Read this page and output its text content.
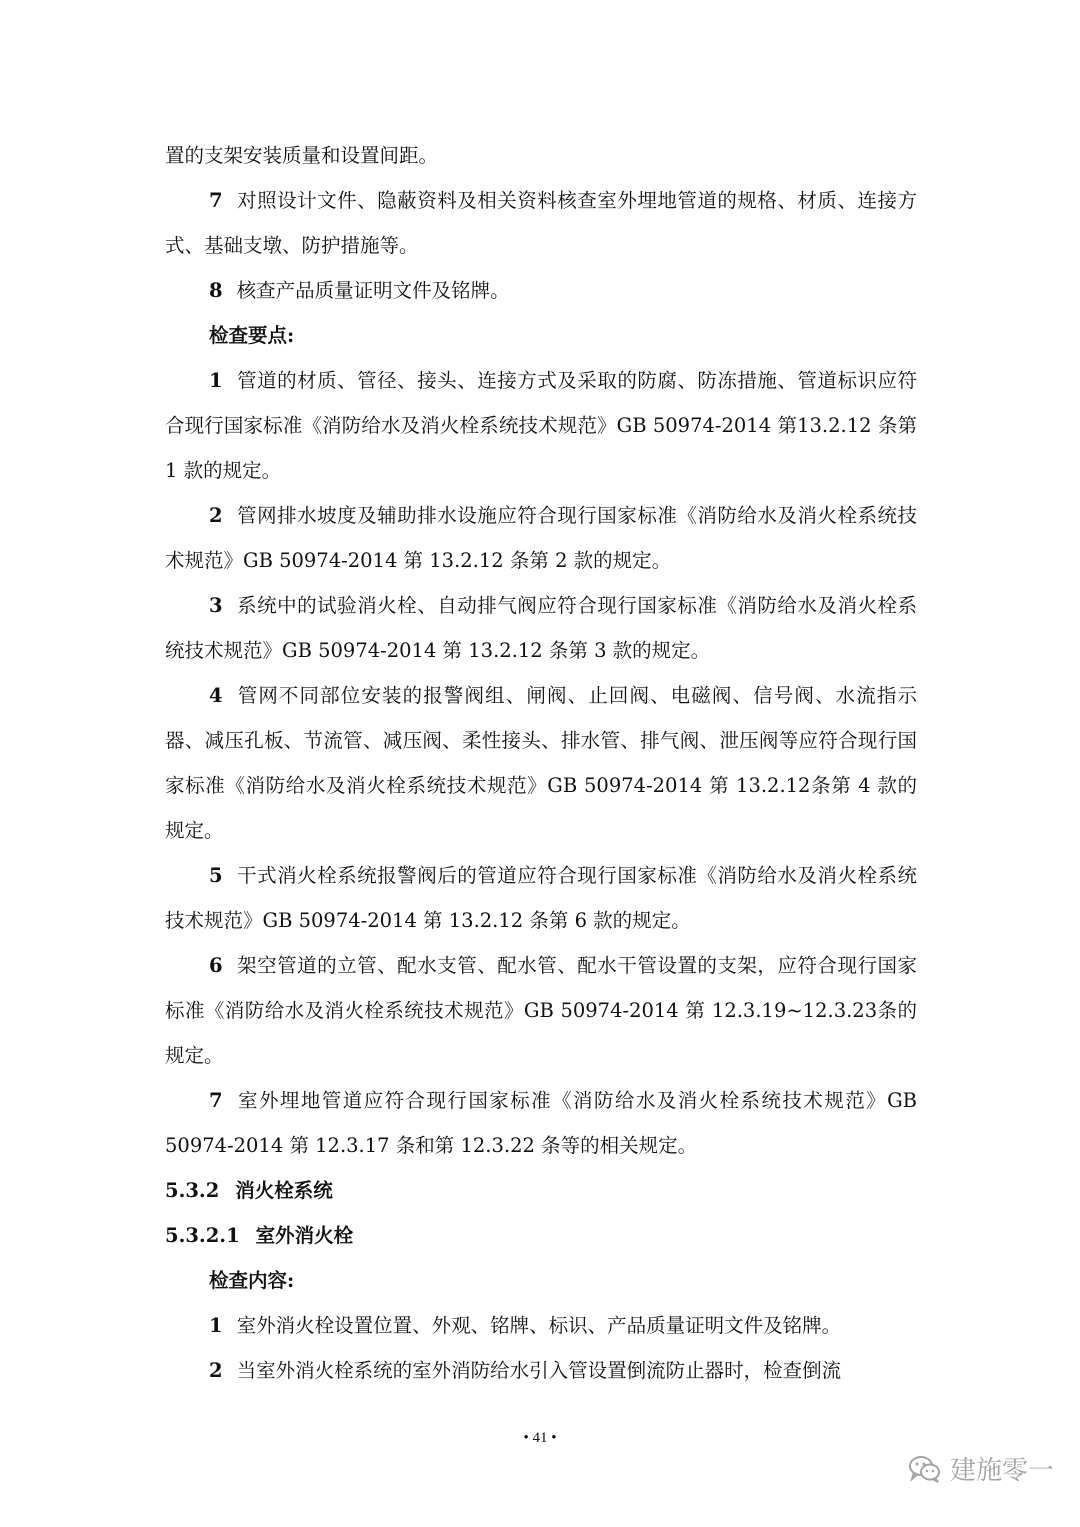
置的支架安装质量和设置间距。

7 对照设计文件、隐蔽资料及相关资料核查室外埋地管道的规格、材质、连接方式、基础支墩、防护措施等。

8 核查产品质量证明文件及铭牌。

检查要点:

1 管道的材质、管径、接头、连接方式及采取的防腐、防冻措施、管道标识应符合现行国家标准《消防给水及消火栓系统技术规范》GB 50974-2014 第13.2.12 条第 1 款的规定。

2 管网排水坡度及辅助排水设施应符合现行国家标准《消防给水及消火栓系统技术规范》GB 50974-2014 第 13.2.12 条第 2 款的规定。

3 系统中的试验消火栓、自动排气阀应符合现行国家标准《消防给水及消火栓系统技术规范》GB 50974-2014 第 13.2.12 条第 3 款的规定。

4 管网不同部位安装的报警阀组、闸阀、止回阀、电磁阀、信号阀、水流指示器、减压孔板、节流管、减压阀、柔性接头、排水管、排气阀、泄压阀等应符合现行国家标准《消防给水及消火栓系统技术规范》GB 50974-2014 第 13.2.12条第 4 款的规定。

5 干式消火栓系统报警阀后的管道应符合现行国家标准《消防给水及消火栓系统技术规范》GB 50974-2014 第 13.2.12 条第 6 款的规定。

6 架空管道的立管、配水支管、配水管、配水干管设置的支架，应符合现行国家标准《消防给水及消火栓系统技术规范》GB 50974-2014 第 12.3.19~12.3.23条的规定。

7 室外埋地管道应符合现行国家标准《消防给水及消火栓系统技术规范》GB 50974-2014 第 12.3.17 条和第 12.3.22 条等的相关规定。

5.3.2 消火栓系统

5.3.2.1 室外消火栓

检查内容:

1 室外消火栓设置位置、外观、铭牌、标识、产品质量证明文件及铭牌。

2 当室外消火栓系统的室外消防给水引入管设置倒流防止器时，检查倒流

• 41 •
建施零一
